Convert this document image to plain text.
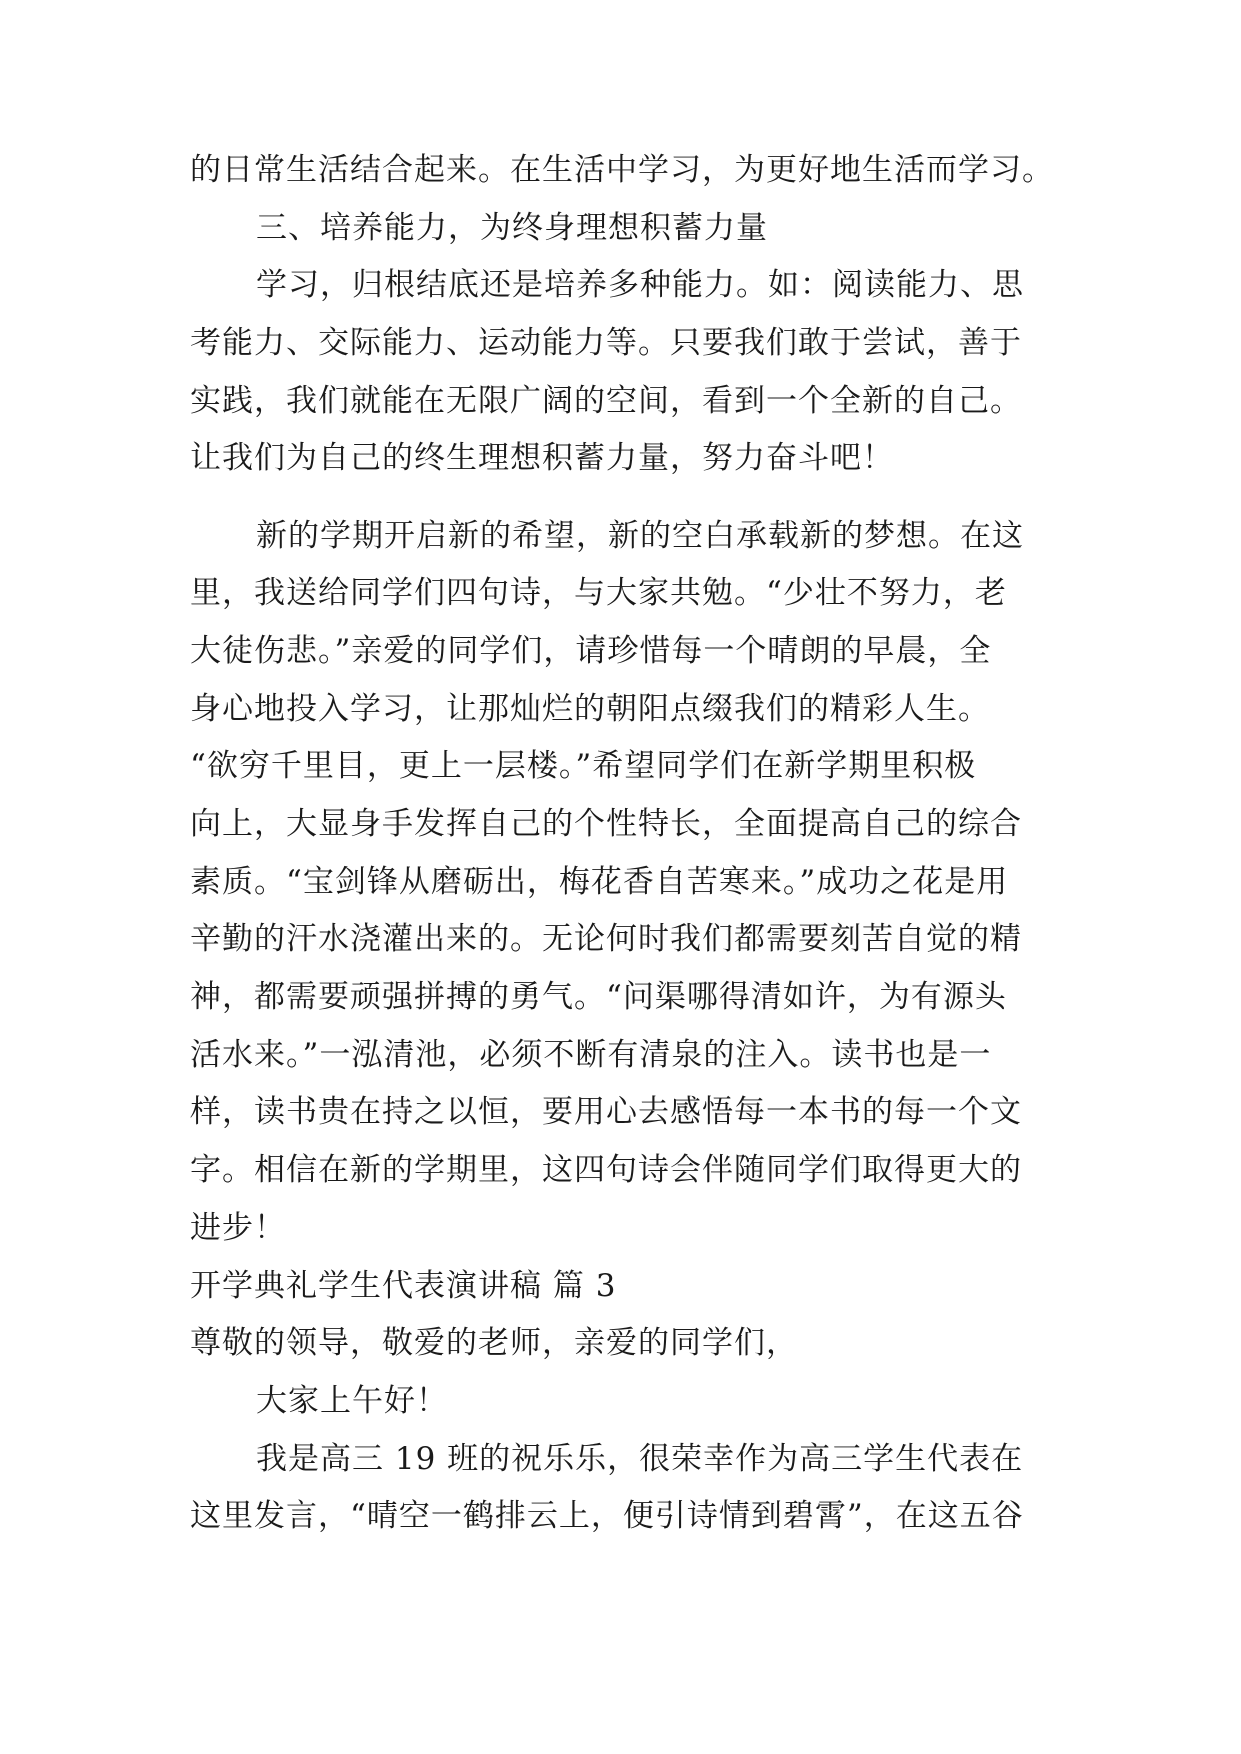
的日常生活结合起来。在生活中学习，为更好地生活而学习。
三、培养能力，为终身理想积蓄力量
学习，归根结底还是培养多种能力。如：阅读能力、思
考能力、交际能力、运动能力等。只要我们敢于尝试，善于
实践，我们就能在无限广阔的空间，看到一个全新的自己。
让我们为自己的终生理想积蓄力量，努力奋斗吧！
新的学期开启新的希望，新的空白承载新的梦想。在这
里，我送给同学们四句诗，与大家共勉。“少壮不努力，老
大徒伤悲。”亲爱的同学们，请珍惜每一个晴朗的早晨，全
身心地投入学习，让那灿烂的朝阳点缀我们的精彩人生。
“欲穷千里目，更上一层楼。”希望同学们在新学期里积极
向上，大显身手发挥自己的个性特长，全面提高自己的综合
素质。“宝剑锋从磨砺出，梅花香自苦寒来。”成功之花是用
辛勤的汗水浇灌出来的。无论何时我们都需要刻苦自觉的精
神，都需要顽强拼搏的勇气。“问渠哪得清如许，为有源头
活水来。”一泓清池，必须不断有清泉的注入。读书也是一
样，读书贵在持之以恒，要用心去感悟每一本书的每一个文
字。相信在新的学期里，这四句诗会伴随同学们取得更大的
进步！
开学典礼学生代表演讲稿 篇 3
尊敬的领导，敬爱的老师，亲爱的同学们，
大家上午好！
我是高三 19 班的祝乐乐，很荣幸作为高三学生代表在
这里发言，“晴空一鹤排云上，便引诗情到碧霄”，在这五谷
